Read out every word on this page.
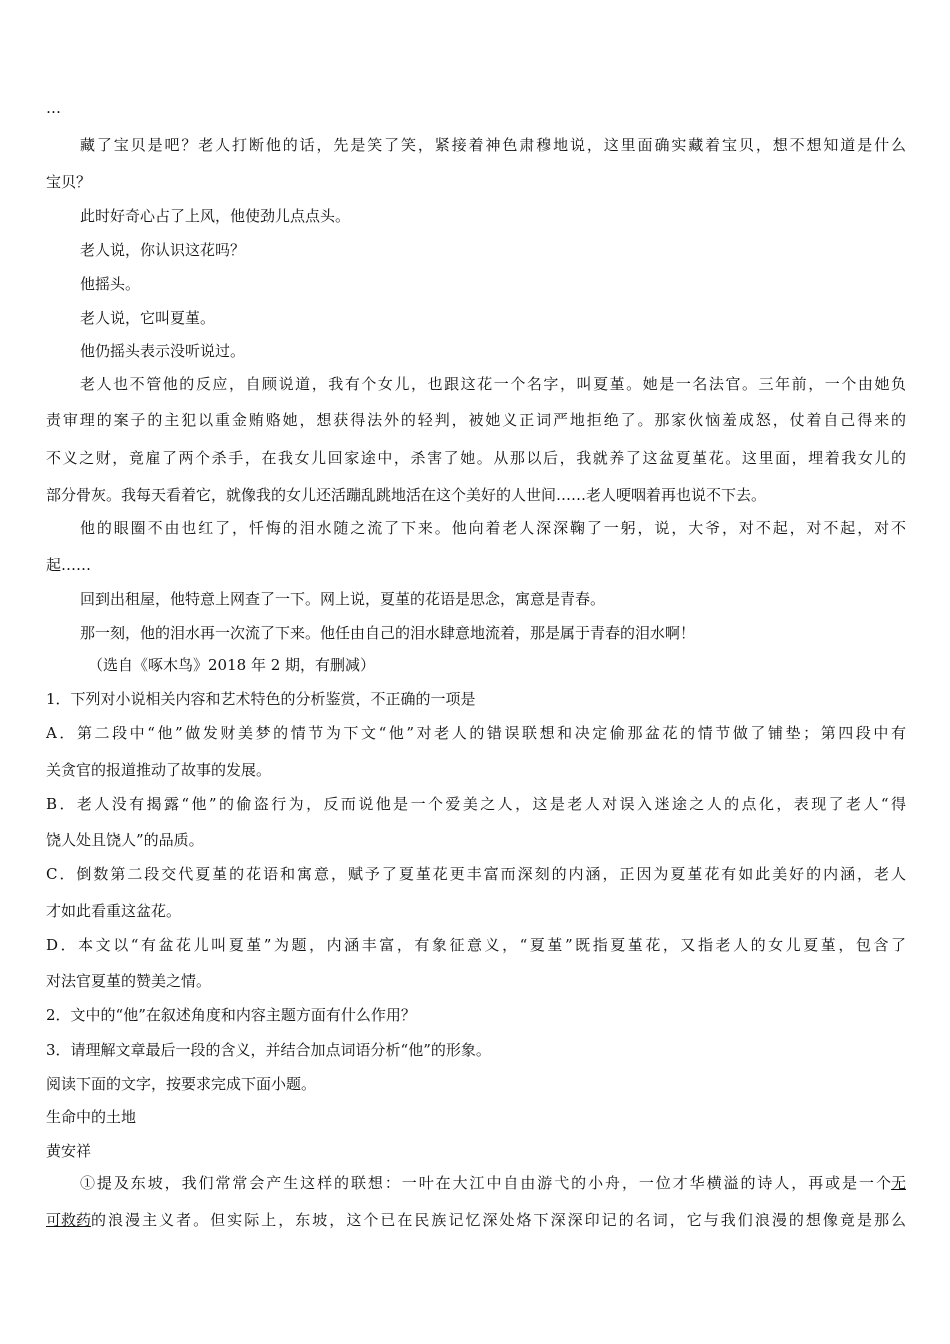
…
藏了宝贝是吧？老人打断他的话，先是笑了笑，紧接着神色肃穆地说，这里面确实藏着宝贝，想不想知道是什么
宝贝？
此时好奇心占了上风，他使劲儿点点头。
老人说，你认识这花吗？
他摇头。
老人说，它叫夏堇。
他仍摇头表示没听说过。
老人也不管他的反应，自顾说道，我有个女儿，也跟这花一个名字，叫夏堇。她是一名法官。三年前，一个由她负
责审理的案子的主犯以重金贿赂她，想获得法外的轻判，被她义正词严地拒绝了。那家伙恼羞成怒，仗着自己得来的
不义之财，竟雇了两个杀手，在我女儿回家途中，杀害了她。从那以后，我就养了这盆夏堇花。这里面，埋着我女儿的
部分骨灰。我每天看着它，就像我的女儿还活蹦乱跳地活在这个美好的人世间……老人哽咽着再也说不下去。
他的眼圈不由也红了，忏悔的泪水随之流了下来。他向着老人深深鞠了一躬，说，大爷，对不起，对不起，对不
起……
回到出租屋，他特意上网查了一下。网上说，夏堇的花语是思念，寓意是青春。
那一刻，他的泪水再一次流了下来。他任由自己的泪水肆意地流着，那是属于青春的泪水啊！
（选自《啄木鸟》2018 年 2 期，有删减）
1．下列对小说相关内容和艺术特色的分析鉴赏，不正确的一项是
A．第二段中“他”做发财美梦的情节为下文“他”对老人的错误联想和决定偷那盆花的情节做了铺垫；第四段中有
关贪官的报道推动了故事的发展。
B．老人没有揭露“他”的偷盗行为，反而说他是一个爱美之人，这是老人对误入迷途之人的点化，表现了老人“得
饶人处且饶人”的品质。
C．倒数第二段交代夏堇的花语和寓意，赋予了夏堇花更丰富而深刻的内涵，正因为夏堇花有如此美好的内涵，老人
才如此看重这盆花。
D．本文以“有盆花儿叫夏堇”为题，内涵丰富，有象征意义，“夏堇”既指夏堇花，又指老人的女儿夏堇，包含了
对法官夏堇的赞美之情。
2．文中的“他”在叙述角度和内容主题方面有什么作用？
3．请理解文章最后一段的含义，并结合加点词语分析“他”的形象。
阅读下面的文字，按要求完成下面小题。
生命中的土地
黄安祥
①提及东坡，我们常常会产生这样的联想：一叶在大江中自由游弋的小舟，一位才华横溢的诗人，再或是一个 无
可救药 的浪漫主义者。但实际上，东坡，这个已在民族记忆深处烙下深深印记的名词，它与我们浪漫的想像竟是那么
